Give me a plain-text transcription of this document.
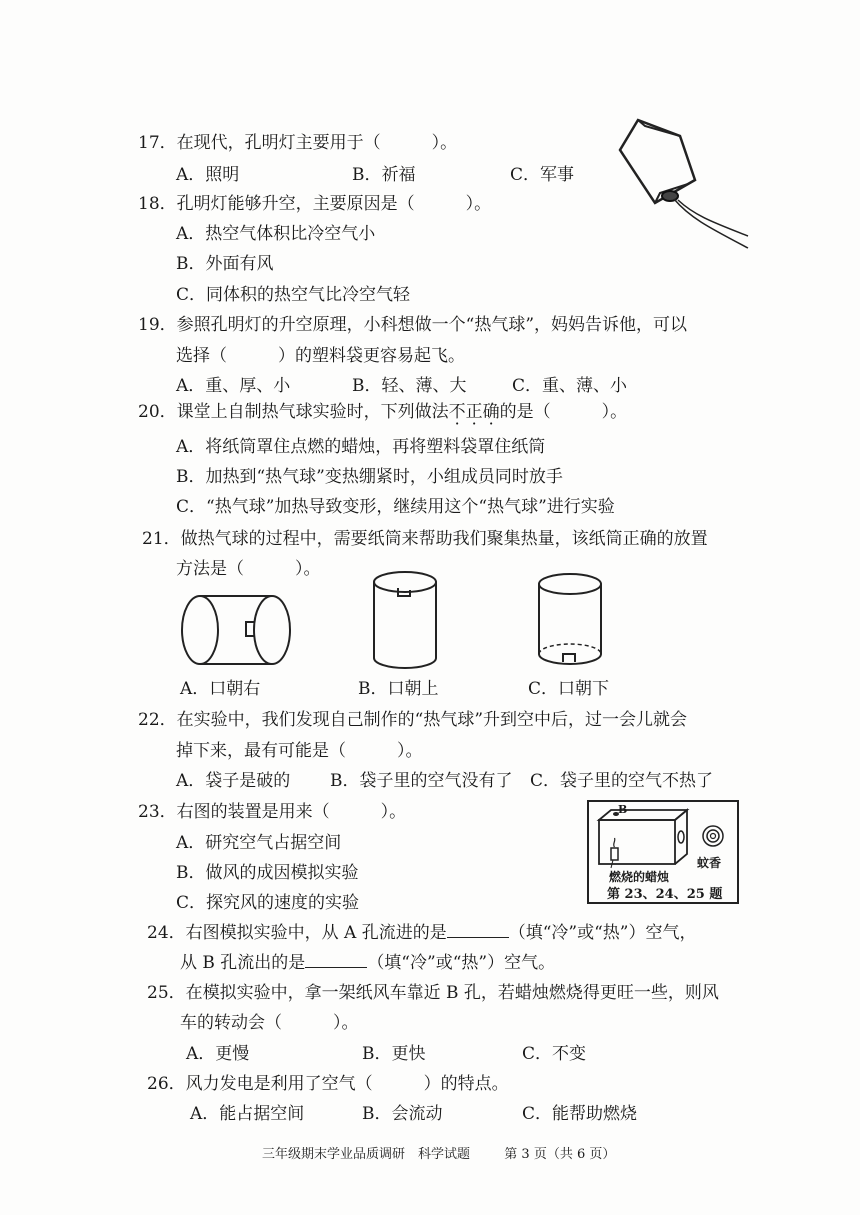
17．在现代，孔明灯主要用于（　　　）。
A．照明	B．祈福	C．军事
18．孔明灯能够升空，主要原因是（　　　）。
A．热空气体积比冷空气小
B．外面有风
C．同体积的热空气比冷空气轻
19．参照孔明灯的升空原理，小科想做一个“热气球”，妈妈告诉他，可以
选择（　　　）的塑料袋更容易起飞。
A．重、厚、小	B．轻、薄、大	C．重、薄、小
20．课堂上自制热气球实验时，下列做法不正确的是（　　　）。
A．将纸筒罩住点燃的蜡烛，再将塑料袋罩住纸筒
B．加热到“热气球”变热绷紧时，小组成员同时放手
C．“热气球”加热导致变形，继续用这个“热气球”进行实验
21．做热气球的过程中，需要纸筒来帮助我们聚集热量，该纸筒正确的放置
方法是（　　　）。
A．口朝右	B．口朝上	C．口朝下
22．在实验中，我们发现自己制作的“热气球”升到空中后，过一会儿就会
掉下来，最有可能是（　　　）。
A．袋子是破的 B．袋子里的空气没有了 C．袋子里的空气不热了
23．右图的装置是用来（　　　）。
A．研究空气占据空间
B．做风的成因模拟实验
C．探究风的速度的实验
B
蚊香
燃烧的蜡烛
第 23、24、25 题
24．右图模拟实验中，从 A 孔流进的是	（填“冷”或“热”）空气，
从 B 孔流出的是	（填“冷”或“热”）空气。
25．在模拟实验中，拿一架纸风车靠近 B 孔，若蜡烛燃烧得更旺一些，则风
车的转动会（　　　）。
A．更慢	B．更快	C．不变
26．风力发电是利用了空气（　　　）的特点。
A．能占据空间	B．会流动	C．能帮助燃烧
三年级期末学业品质调研　科学试题	第 3 页（共 6 页）
